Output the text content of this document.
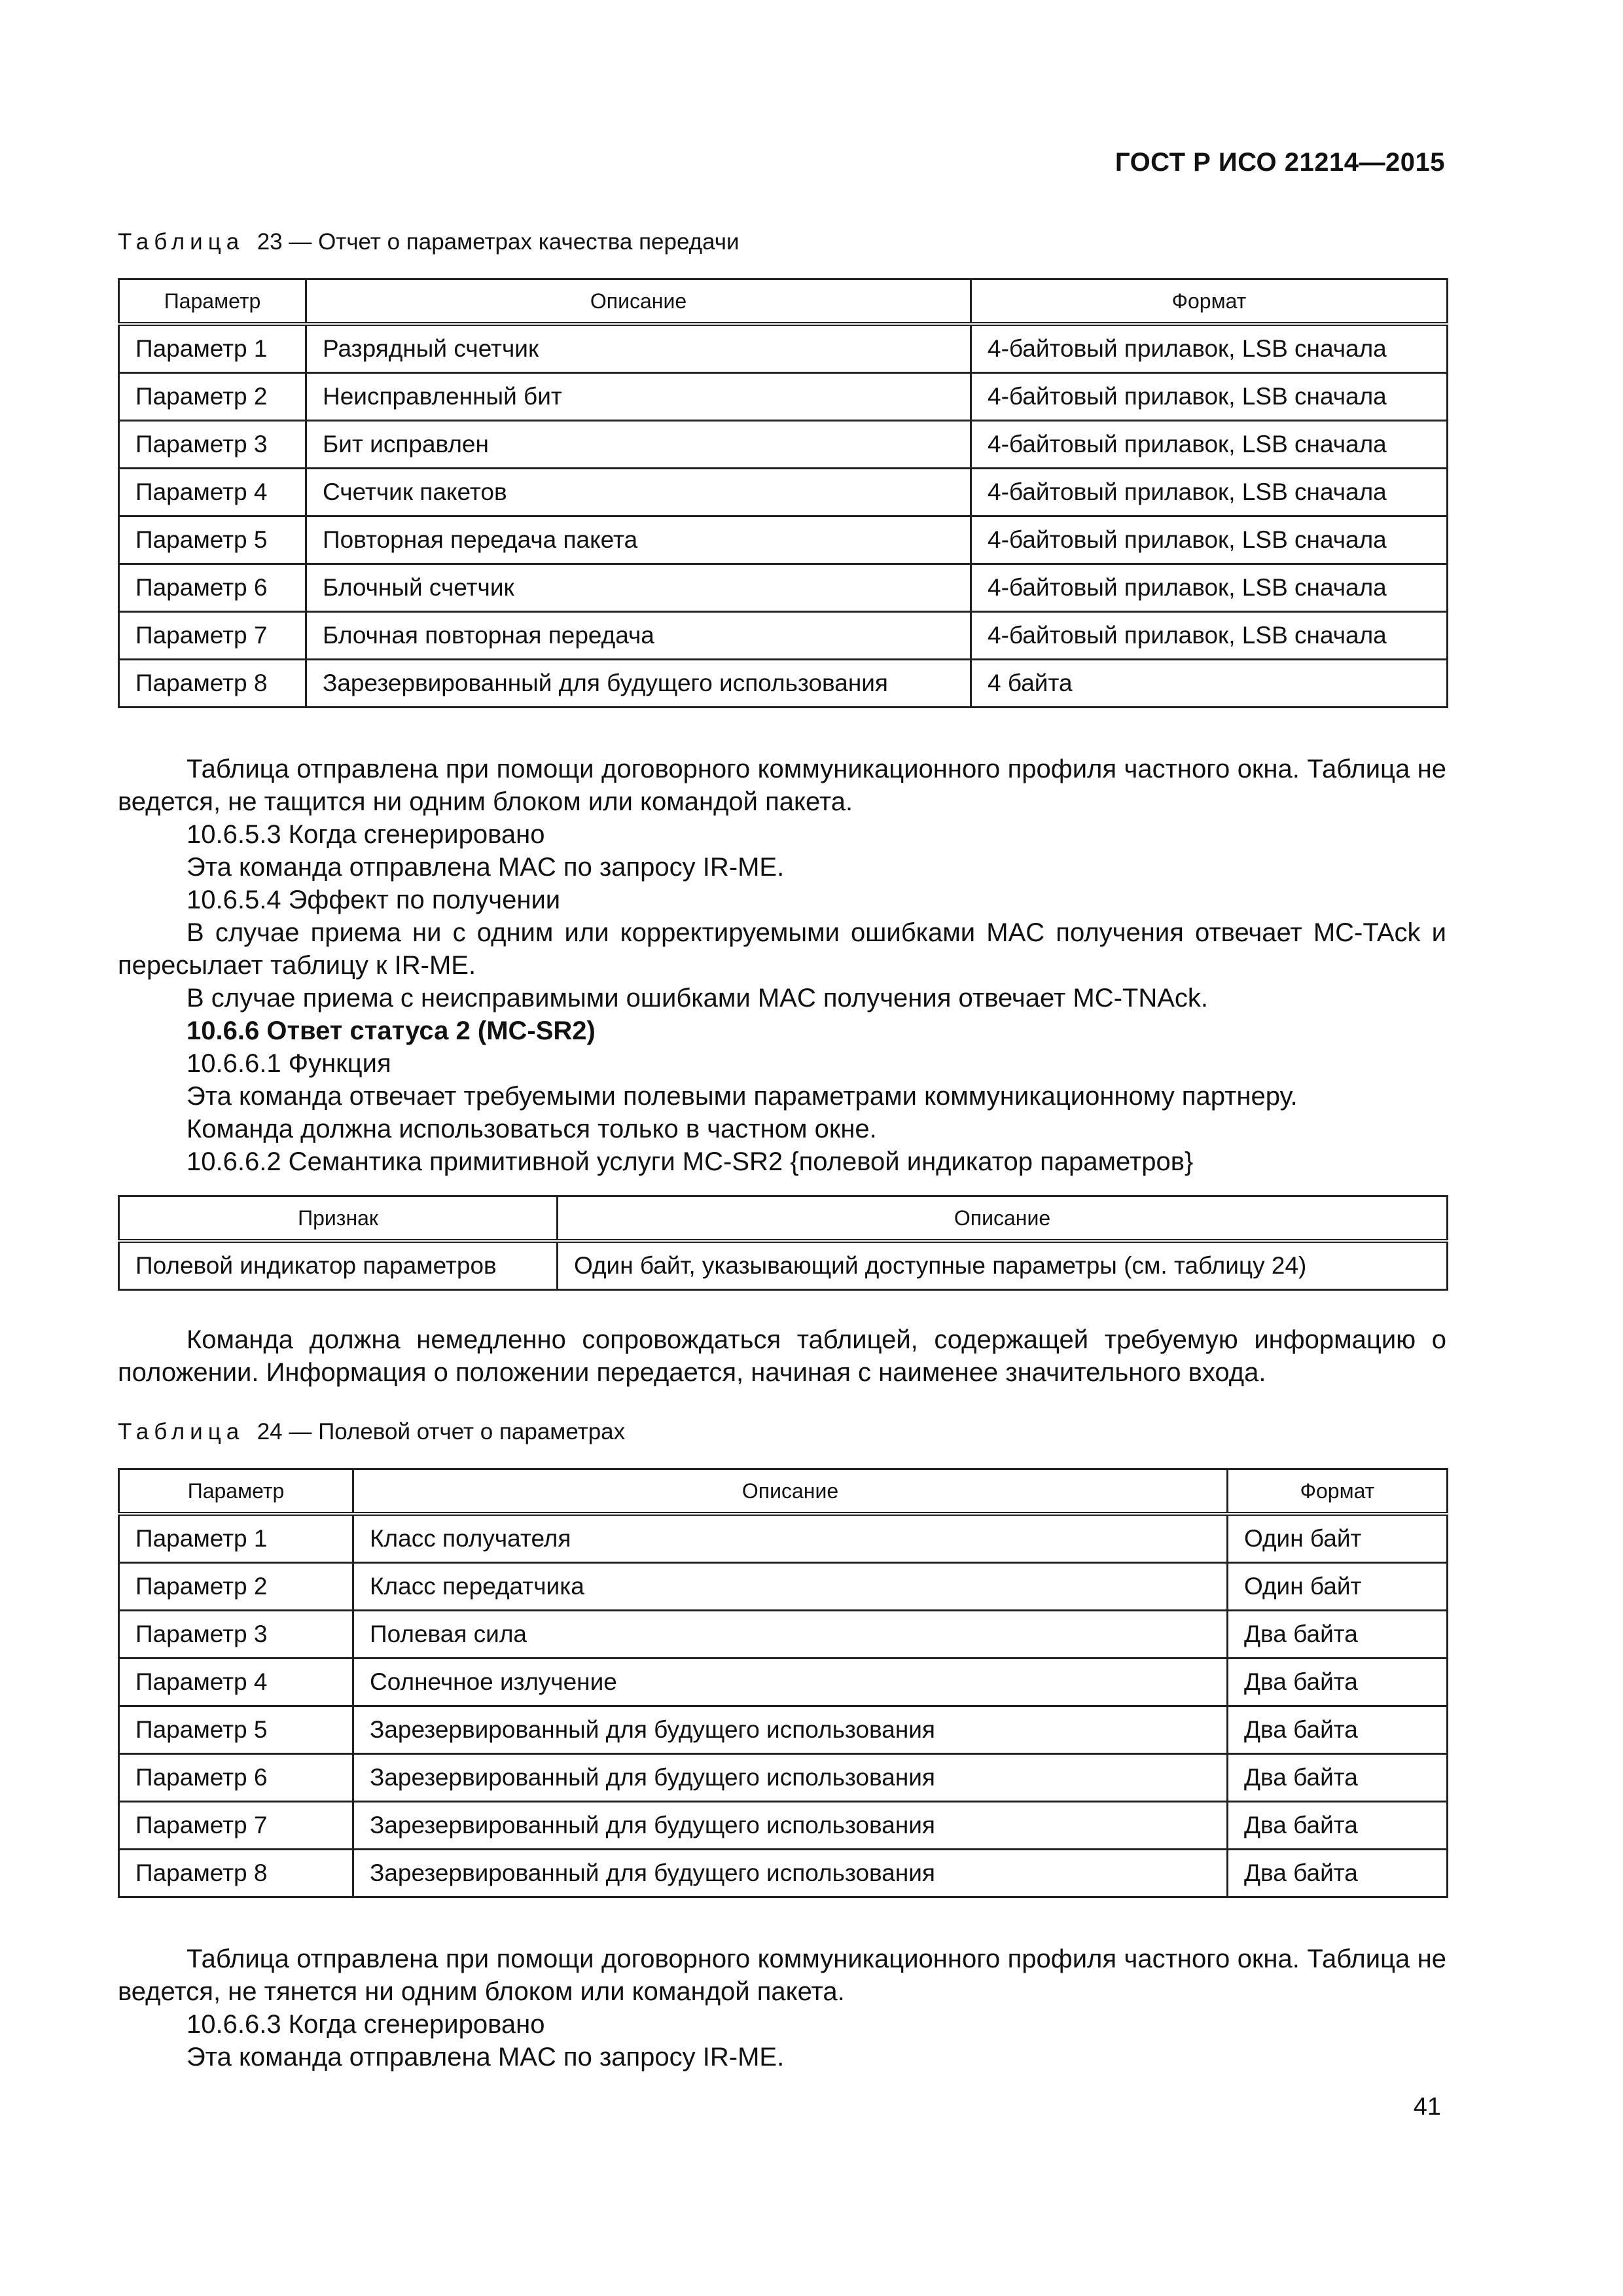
ГОСТ Р ИСО 21214—2015
Таблица 23 — Отчет о параметрах качества передачи
Параметр	Описание	Формат
Параметр 1	Разрядный счетчик	4-байтовый прилавок, LSB сначала
Параметр 2	Неисправленный бит	4-байтовый прилавок, LSB сначала
Параметр 3	Бит исправлен	4-байтовый прилавок, LSB сначала
Параметр 4	Счетчик пакетов	4-байтовый прилавок, LSB сначала
Параметр 5	Повторная передача пакета	4-байтовый прилавок, LSB сначала
Параметр 6	Блочный счетчик	4-байтовый прилавок, LSB сначала
Параметр 7	Блочная повторная передача	4-байтовый прилавок, LSB сначала
Параметр 8	Зарезервированный для будущего использования	4 байта

Таблица отправлена при помощи договорного коммуникационного профиля частного окна. Таблица не ведется, не тащится ни одним блоком или командой пакета.

10.6.5.3 Когда сгенерировано

Эта команда отправлена MAC по запросу IR-ME.

10.6.5.4 Эффект по получении

В случае приема ни с одним или корректируемыми ошибками MAC получения отвечает MC-TAck и пересылает таблицу к IR-ME.

В случае приема с неисправимыми ошибками MAC получения отвечает MC-TNAck.

10.6.6 Ответ статуса 2 (MC-SR2)

10.6.6.1 Функция

Эта команда отвечает требуемыми полевыми параметрами коммуникационному партнеру.

Команда должна использоваться только в частном окне.

10.6.6.2 Семантика примитивной услуги MC-SR2 {полевой индикатор параметров}

Признак	Описание
Полевой индикатор параметров	Один байт, указывающий доступные параметры (см. таблицу 24)

Команда должна немедленно сопровождаться таблицей, содержащей требуемую информацию о положении. Информация о положении передается, начиная с наименее значительного входа.

Таблица 24 — Полевой отчет о параметрах
Параметр	Описание	Формат
Параметр 1	Класс получателя	Один байт
Параметр 2	Класс передатчика	Один байт
Параметр 3	Полевая сила	Два байта
Параметр 4	Солнечное излучение	Два байта
Параметр 5	Зарезервированный для будущего использования	Два байта
Параметр 6	Зарезервированный для будущего использования	Два байта
Параметр 7	Зарезервированный для будущего использования	Два байта
Параметр 8	Зарезервированный для будущего использования	Два байта

Таблица отправлена при помощи договорного коммуникационного профиля частного окна. Таблица не ведется, не тянется ни одним блоком или командой пакета.

10.6.6.3 Когда сгенерировано

Эта команда отправлена MAC по запросу IR-ME.

41
